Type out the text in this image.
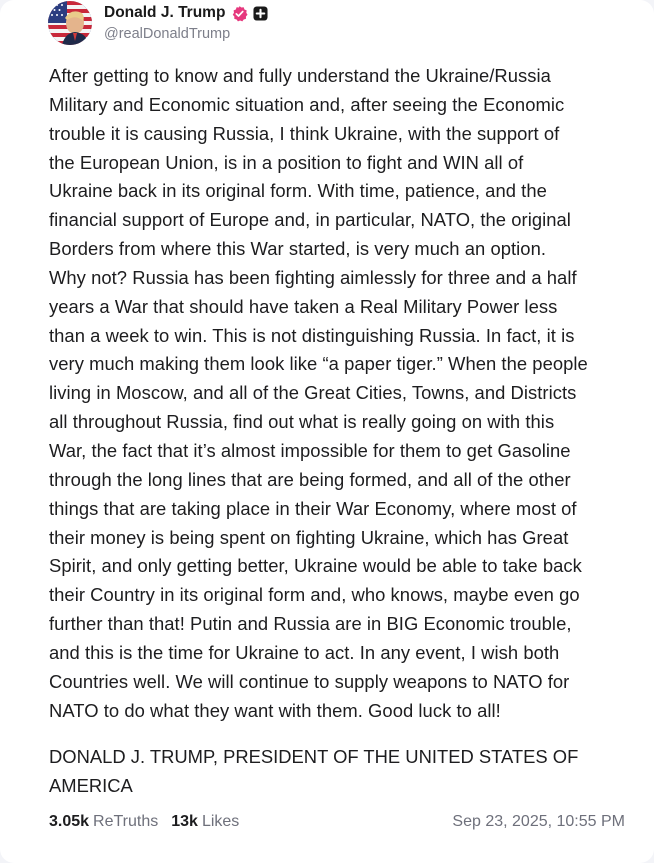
Donald J. Trump
@realDonaldTrump

After getting to know and fully understand the Ukraine/Russia
Military and Economic situation and, after seeing the Economic
trouble it is causing Russia, I think Ukraine, with the support of
the European Union, is in a position to fight and WIN all of
Ukraine back in its original form. With time, patience, and the
financial support of Europe and, in particular, NATO, the original
Borders from where this War started, is very much an option.
Why not? Russia has been fighting aimlessly for three and a half
years a War that should have taken a Real Military Power less
than a week to win. This is not distinguishing Russia. In fact, it is
very much making them look like “a paper tiger.” When the people
living in Moscow, and all of the Great Cities, Towns, and Districts
all throughout Russia, find out what is really going on with this
War, the fact that it’s almost impossible for them to get Gasoline
through the long lines that are being formed, and all of the other
things that are taking place in their War Economy, where most of
their money is being spent on fighting Ukraine, which has Great
Spirit, and only getting better, Ukraine would be able to take back
their Country in its original form and, who knows, maybe even go
further than that! Putin and Russia are in BIG Economic trouble,
and this is the time for Ukraine to act. In any event, I wish both
Countries well. We will continue to supply weapons to NATO for
NATO to do what they want with them. Good luck to all!

DONALD J. TRUMP, PRESIDENT OF THE UNITED STATES OF
AMERICA
3.05k ReTruths 13k Likes	Sep 23, 2025, 10:55 PM
